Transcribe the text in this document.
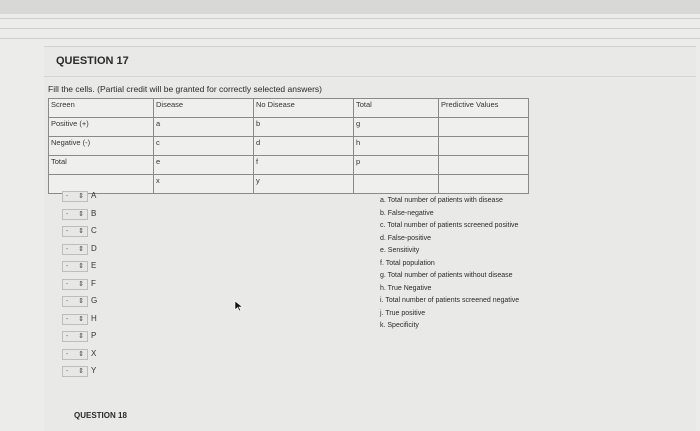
QUESTION 17
Fill the cells. (Partial credit will be granted for correctly selected answers)
Screen	Disease	No Disease	Total	Predictive Values
Positive (+)	a	b	g	
Negative (-)	c	d	h	
Total	e	f	p	
	x	y		
- ⇕ A
- ⇕ B
- ⇕ C
- ⇕ D
- ⇕ E
- ⇕ F
- ⇕ G
- ⇕ H
- ⇕ P
- ⇕ X
- ⇕ Y
a. Total number of patients with disease
b. False-negative
c. Total number of patients screened positive
d. False-positive
e. Sensitivity
f. Total population
g. Total number of patients without disease
h. True Negative
i. Total number of patients screened negative
j. True positive
k. Specificity
QUESTION 18
